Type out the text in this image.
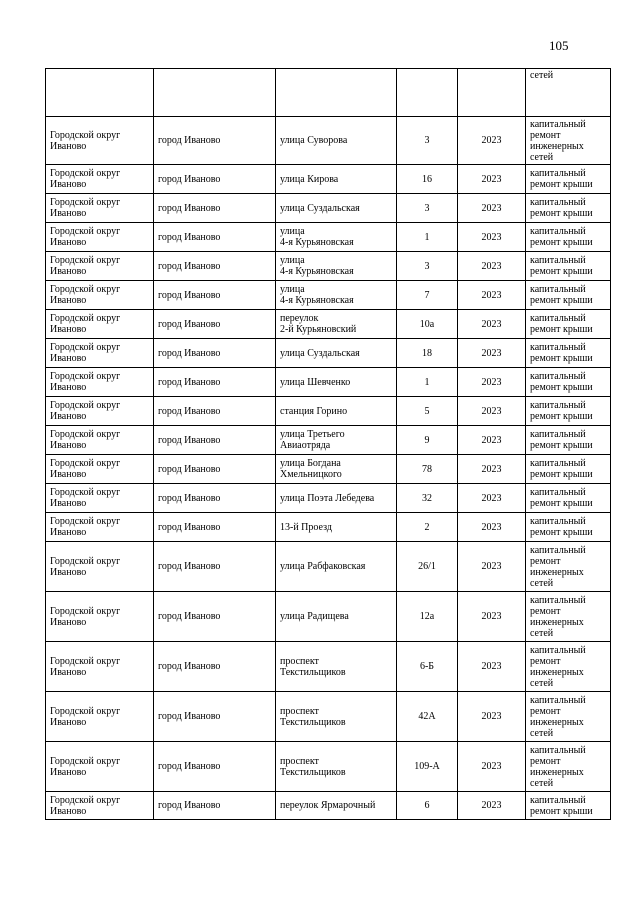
105
					сетей
Городской округ
Иваново	город Иваново	улица Суворова	3	2023	капитальный
ремонт
инженерных
сетей
Городской округ
Иваново	город Иваново	улица Кирова	16	2023	капитальный
ремонт крыши
Городской округ
Иваново	город Иваново	улица Суздальская	3	2023	капитальный
ремонт крыши
Городской округ
Иваново	город Иваново	улица
4-я Курьяновская	1	2023	капитальный
ремонт крыши
Городской округ
Иваново	город Иваново	улица
4-я Курьяновская	3	2023	капитальный
ремонт крыши
Городской округ
Иваново	город Иваново	улица
4-я Курьяновская	7	2023	капитальный
ремонт крыши
Городской округ
Иваново	город Иваново	переулок
2-й Курьяновский	10а	2023	капитальный
ремонт крыши
Городской округ
Иваново	город Иваново	улица Суздальская	18	2023	капитальный
ремонт крыши
Городской округ
Иваново	город Иваново	улица Шевченко	1	2023	капитальный
ремонт крыши
Городской округ
Иваново	город Иваново	станция Горино	5	2023	капитальный
ремонт крыши
Городской округ
Иваново	город Иваново	улица Третьего
Авиаотряда	9	2023	капитальный
ремонт крыши
Городской округ
Иваново	город Иваново	улица Богдана
Хмельницкого	78	2023	капитальный
ремонт крыши
Городской округ
Иваново	город Иваново	улица Поэта Лебедева	32	2023	капитальный
ремонт крыши
Городской округ
Иваново	город Иваново	13-й Проезд	2	2023	капитальный
ремонт крыши
Городской округ
Иваново	город Иваново	улица Рабфаковская	26/1	2023	капитальный
ремонт
инженерных
сетей
Городской округ
Иваново	город Иваново	улица Радищева	12а	2023	капитальный
ремонт
инженерных
сетей
Городской округ
Иваново	город Иваново	проспект
Текстильщиков	6-Б	2023	капитальный
ремонт
инженерных
сетей
Городской округ
Иваново	город Иваново	проспект
Текстильщиков	42А	2023	капитальный
ремонт
инженерных
сетей
Городской округ
Иваново	город Иваново	проспект
Текстильщиков	109-А	2023	капитальный
ремонт
инженерных
сетей
Городской округ
Иваново	город Иваново	переулок Ярмарочный	6	2023	капитальный
ремонт крыши
